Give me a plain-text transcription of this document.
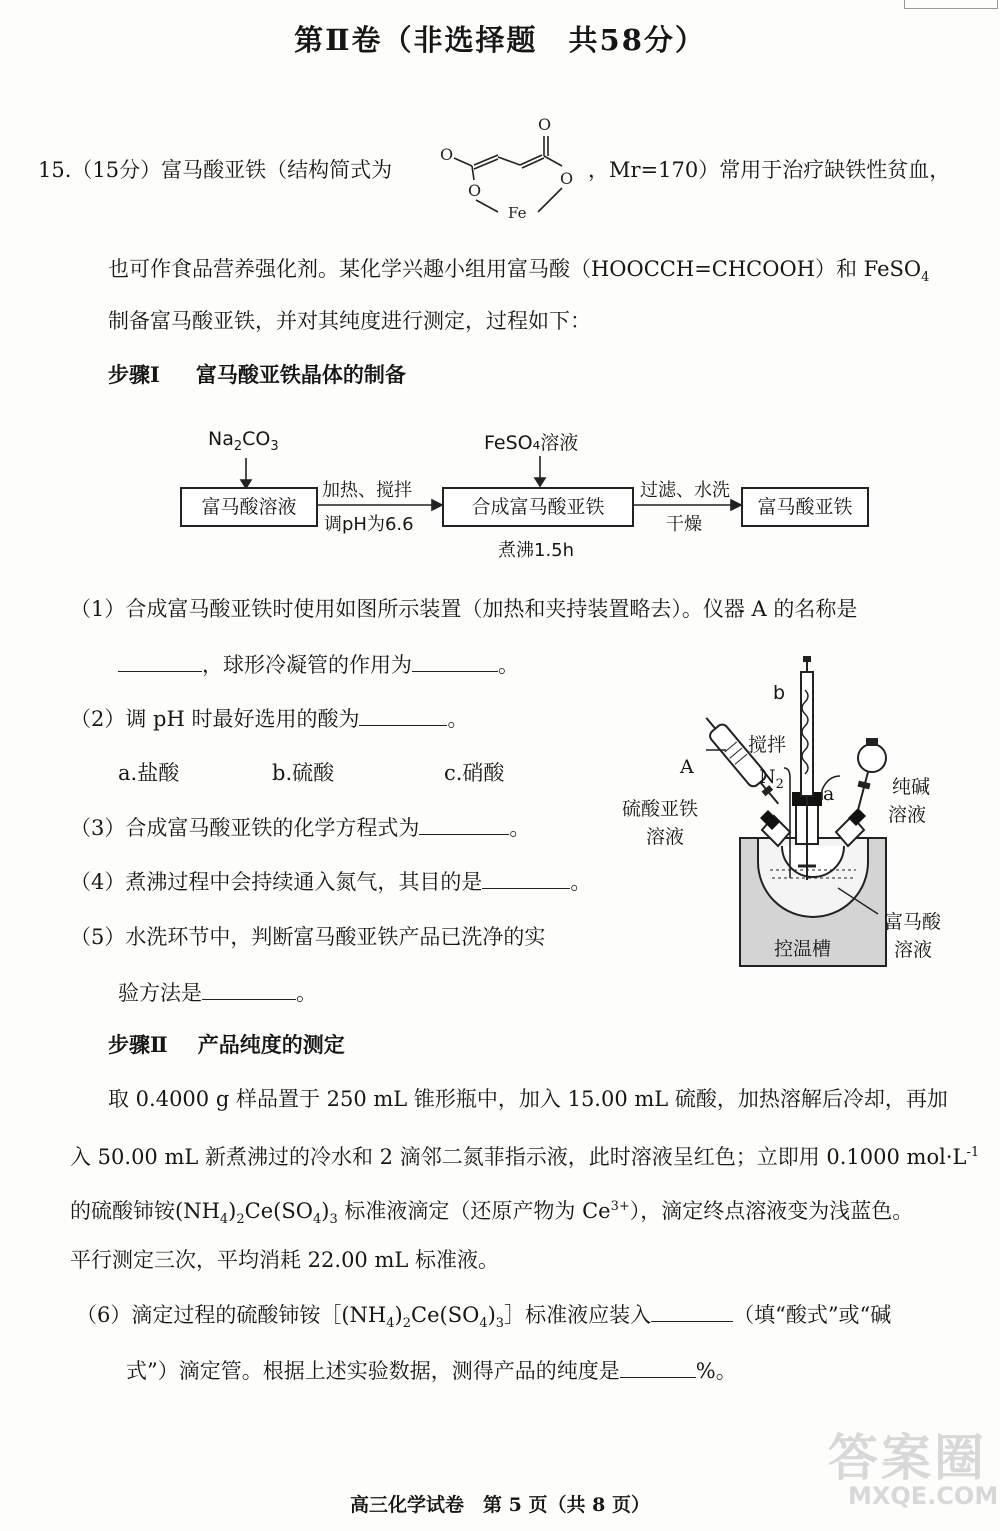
第Ⅱ卷（非选择题　共58分）
15.（15分）富马酸亚铁（结构简式为
O
O
O
O
Fe
，Mr=170）常用于治疗缺铁性贫血，
也可作食品营养强化剂。某化学兴趣小组用富马酸（HOOCCH=CHCOOH）和 FeSO$_4$
制备富马酸亚铁，并对其纯度进行测定，过程如下：
步骤Ⅰ 富马酸亚铁晶体的制备
$Na_2CO_3$	FeSO₄溶液
富马酸溶液
加热、搅拌
调pH为6.6
合成富马酸亚铁
煮沸1.5h
过滤、水洗
干燥
富马酸亚铁
（1）合成富马酸亚铁时使用如图所示装置（加热和夹持装置略去）。仪器 A 的名称是
，球形冷凝管的作用为	。
（2）调 pH 时最好选用的酸为	。
a.盐酸	b.硫酸	c.硝酸
（3）合成富马酸亚铁的化学方程式为	。
（4）煮沸过程中会持续通入氮气，其目的是	。
（5）水洗环节中，判断富马酸亚铁产品已洗净的实
验方法是	。
b
搅拌
A	$N_2$ a
硫酸亚铁
溶液
纯碱
溶液
富马酸
溶液
控温槽
步骤Ⅱ 产品纯度的测定
取 0.4000 g 样品置于 250 mL 锥形瓶中，加入 15.00 mL 硫酸，加热溶解后冷却，再加
入 50.00 mL 新煮沸过的冷水和 2 滴邻二氮菲指示液，此时溶液呈红色；立即用 0.1000 $mol\cdot L^{-1}$
的硫酸铈铵$(NH_4)_2Ce(SO_4)_3$ 标准液滴定（还原产物为 $Ce^{3+}$），滴定终点溶液变为浅蓝色。
平行测定三次，平均消耗 22.00 mL 标准液。
（6）滴定过程的硫酸铈铵$[(NH_4)_2Ce(SO_4)_3]$标准液应装入	（填“酸式”或“碱
式”）滴定管。根据上述实验数据，测得产品的纯度是	%。
答案圈
MXQE.COM
高三化学试卷　第 5 页（共 8 页）
